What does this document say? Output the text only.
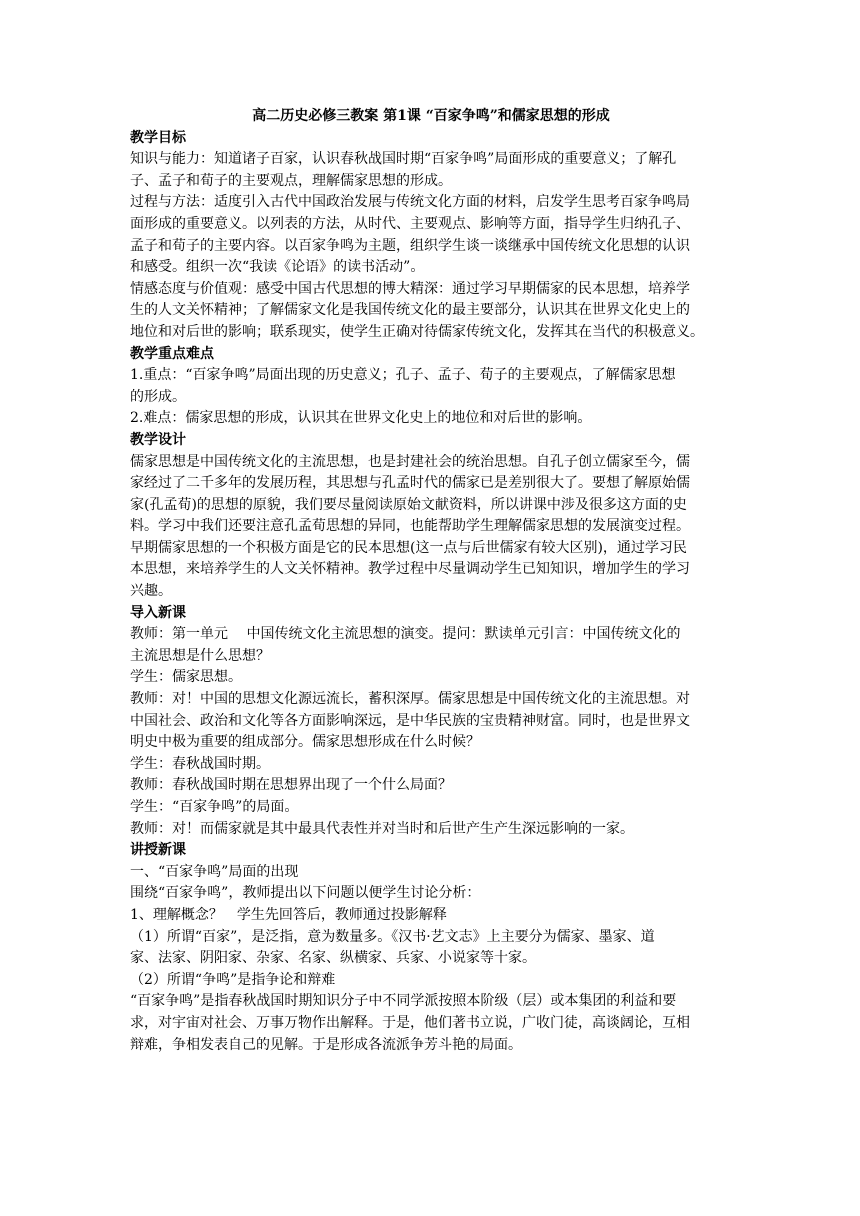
高二历史必修三教案 第1课 “百家争鸣”和儒家思想的形成
教学目标
知识与能力：知道诸子百家，认识春秋战国时期“百家争鸣”局面形成的重要意义；了解孔
子、孟子和荀子的主要观点，理解儒家思想的形成。
过程与方法：适度引入古代中国政治发展与传统文化方面的材料，启发学生思考百家争鸣局
面形成的重要意义。以列表的方法，从时代、主要观点、影响等方面，指导学生归纳孔子、
孟子和荀子的主要内容。以百家争鸣为主题，组织学生谈一谈继承中国传统文化思想的认识
和感受。组织一次“我读《论语》的读书活动”。
情感态度与价值观：感受中国古代思想的博大精深：通过学习早期儒家的民本思想，培养学
生的人文关怀精神；了解儒家文化是我国传统文化的最主要部分，认识其在世界文化史上的
地位和对后世的影响；联系现实，使学生正确对待儒家传统文化，发挥其在当代的积极意义。
教学重点难点
1.重点：“百家争鸣”局面出现的历史意义；孔子、孟子、荀子的主要观点，了解儒家思想
的形成。
2.难点：儒家思想的形成，认识其在世界文化史上的地位和对后世的影响。
教学设计
儒家思想是中国传统文化的主流思想，也是封建社会的统治思想。自孔子创立儒家至今，儒
家经过了二千多年的发展历程，其思想与孔孟时代的儒家已是差别很大了。要想了解原始儒
家(孔孟荀)的思想的原貌，我们要尽量阅读原始文献资料，所以讲课中涉及很多这方面的史
料。学习中我们还要注意孔孟荀思想的异同，也能帮助学生理解儒家思想的发展演变过程。
早期儒家思想的一个积极方面是它的民本思想(这一点与后世儒家有较大区别)，通过学习民
本思想，来培养学生的人文关怀精神。教学过程中尽量调动学生已知知识，增加学生的学习
兴趣。
导入新课
教师：第一单元　 中国传统文化主流思想的演变。提问：默读单元引言：中国传统文化的
主流思想是什么思想？
学生：儒家思想。
教师：对！中国的思想文化源远流长，蓄积深厚。儒家思想是中国传统文化的主流思想。对
中国社会、政治和文化等各方面影响深远，是中华民族的宝贵精神财富。同时，也是世界文
明史中极为重要的组成部分。儒家思想形成在什么时候？
学生：春秋战国时期。
教师：春秋战国时期在思想界出现了一个什么局面？
学生：“百家争鸣”的局面。
教师：对！而儒家就是其中最具代表性并对当时和后世产生产生深远影响的一家。
讲授新课
一、“百家争鸣”局面的出现
围绕“百家争鸣”，教师提出以下问题以便学生讨论分析：
1、理解概念？　学生先回答后，教师通过投影解释
（1）所谓“百家”，是泛指，意为数量多。《汉书·艺文志》上主要分为儒家、墨家、道
家、法家、阴阳家、杂家、名家、纵横家、兵家、小说家等十家。
（2）所谓“争鸣”是指争论和辩难
“百家争鸣”是指春秋战国时期知识分子中不同学派按照本阶级（层）或本集团的利益和要
求，对宇宙对社会、万事万物作出解释。于是，他们著书立说，广收门徒，高谈阔论，互相
辩难，争相发表自己的见解。于是形成各流派争芳斗艳的局面。
